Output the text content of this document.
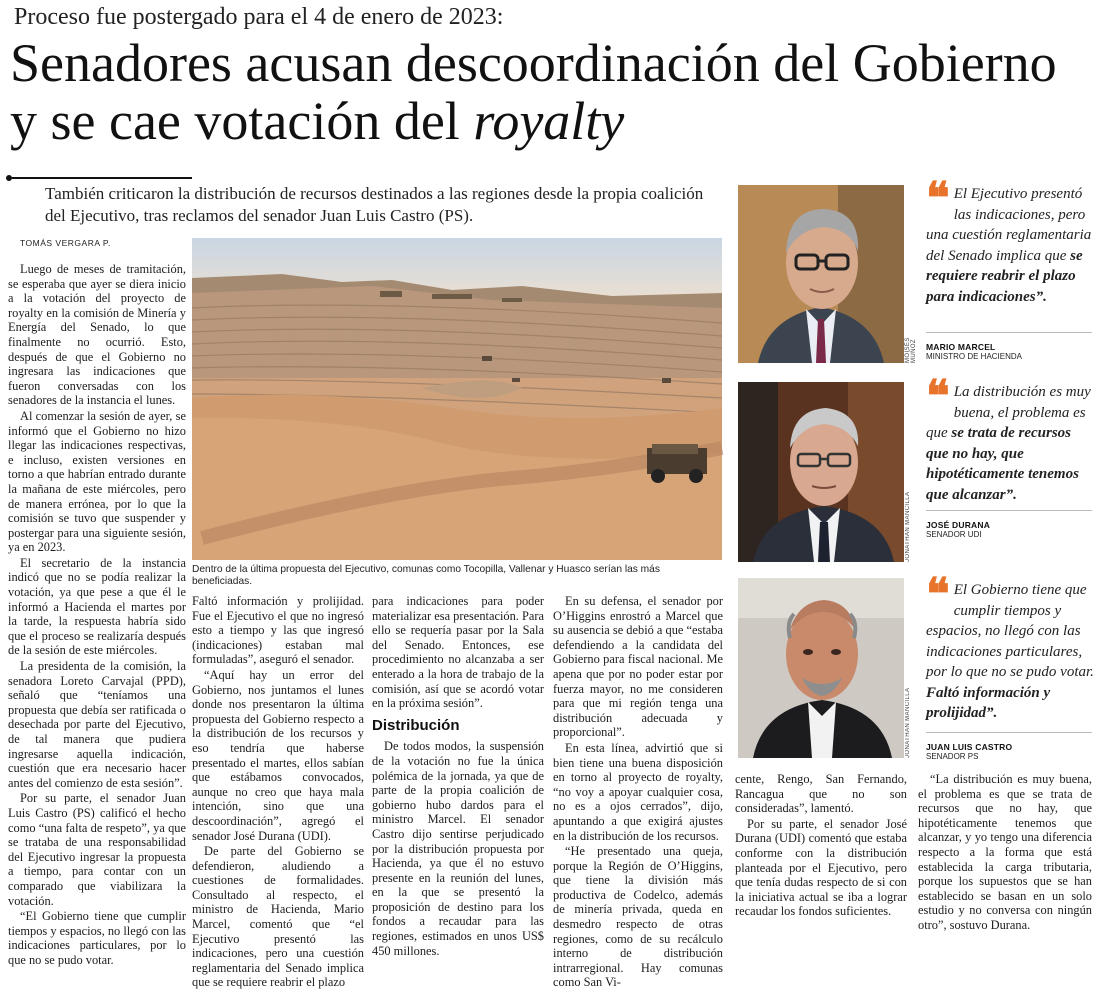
Proceso fue postergado para el 4 de enero de 2023:
Senadores acusan descoordinación del Gobierno y se cae votación del royalty
También criticaron la distribución de recursos destinados a las regiones desde la propia coalición del Ejecutivo, tras reclamos del senador Juan Luis Castro (PS).
TOMÁS VERGARA P.
Dentro de la última propuesta del Ejecutivo, comunas como Tocopilla, Vallenar y Huasco serían las más beneficiadas.

Luego de meses de tramitación, se esperaba que ayer se diera inicio a la votación del proyecto de royalty en la comisión de Minería y Energía del Senado, lo que finalmente no ocurrió. Esto, después de que el Gobierno no ingresara las indicaciones que fueron conversadas con los senadores de la instancia el lunes.

Al comenzar la sesión de ayer, se informó que el Gobierno no hizo llegar las indicaciones respectivas, e incluso, existen versiones en torno a que habrían entrado durante la mañana de este miércoles, pero de manera errónea, por lo que la comisión se tuvo que suspender y postergar para una siguiente sesión, ya en 2023.

El secretario de la instancia indicó que no se podía realizar la votación, ya que pese a que él le informó a Hacienda el martes por la tarde, la respuesta habría sido que el proceso se realizaría después de la sesión de este miércoles.

La presidenta de la comisión, la senadora Loreto Carvajal (PPD), señaló que “teníamos una propuesta que debía ser ratificada o desechada por parte del Ejecutivo, de tal manera que pudiera ingresarse aquella indicación, cuestión que era necesario hacer antes del comienzo de esta sesión”.

Por su parte, el senador Juan Luis Castro (PS) calificó el hecho como “una falta de respeto”, ya que se trataba de una responsabilidad del Ejecutivo ingresar la propuesta a tiempo, para contar con un comparado que viabilizara la votación.

“El Gobierno tiene que cumplir tiempos y espacios, no llegó con las indicaciones particulares, por lo que no se pudo votar.

Faltó información y prolijidad. Fue el Ejecutivo el que no ingresó esto a tiempo y las que ingresó (indicaciones) estaban mal formuladas”, aseguró el senador.

“Aquí hay un error del Gobierno, nos juntamos el lunes donde nos presentaron la última propuesta del Gobierno respecto a la distribución de los recursos y eso tendría que haberse presentado el martes, ellos sabían que estábamos convocados, aunque no creo que haya mala intención, sino que una descoordinación”, agregó el senador José Durana (UDI).

De parte del Gobierno se defendieron, aludiendo a cuestiones de formalidades. Consultado al respecto, el ministro de Hacienda, Mario Marcel, comentó que “el Ejecutivo presentó las indicaciones, pero una cuestión reglamentaria del Senado implica que se requiere reabrir el plazo

para indicaciones para poder materializar esa presentación. Para ello se requería pasar por la Sala del Senado. Entonces, ese procedimiento no alcanzaba a ser enterado a la hora de trabajo de la comisión, así que se acordó votar en la próxima sesión”.

Distribución

De todos modos, la suspensión de la votación no fue la única polémica de la jornada, ya que de parte de la propia coalición de gobierno hubo dardos para el ministro Marcel. El senador Castro dijo sentirse perjudicado por la distribución propuesta por Hacienda, ya que él no estuvo presente en la reunión del lunes, en la que se presentó la proposición de destino para los fondos a recaudar para las regiones, estimados en unos US$ 450 millones.

En su defensa, el senador por O’Higgins enrostró a Marcel que su ausencia se debió a que “estaba defendiendo a la candidata del Gobierno para fiscal nacional. Me apena que por no poder estar por fuerza mayor, no me consideren para que mi región tenga una distribución adecuada y proporcional”.

En esta línea, advirtió que si bien tiene una buena disposición en torno al proyecto de royalty, “no voy a apoyar cualquier cosa, no es a ojos cerrados”, dijo, apuntando a que exigirá ajustes en la distribución de los recursos.

“He presentado una queja, porque la Región de O’Higgins, que tiene la división más productiva de Codelco, además de minería privada, queda en desmedro respecto de otras regiones, como de su recálculo interno de distribución intrarregional. Hay comunas como San Vi-

cente, Rengo, San Fernando, Rancagua que no son consideradas”, lamentó.

Por su parte, el senador José Durana (UDI) comentó que estaba conforme con la distribución planteada por el Ejecutivo, pero que tenía dudas respecto de si con la iniciativa actual se iba a lograr recaudar los fondos suficientes.

“La distribución es muy buena, el problema es que se trata de recursos que no hay, que hipotéticamente tenemos que alcanzar, y yo tengo una diferencia respecto a la forma que está establecida la carga tributaria, porque los supuestos que se han establecido se basan en un solo estudio y no conversa con ningún otro”, sostuvo Durana.

MOISÉS MUÑOZ
❝ El Ejecutivo presentó las indicaciones, pero una cuestión reglamentaria del Senado implica que se requiere reabrir el plazo para indicaciones”.
MARIO MARCEL
MINISTRO DE HACIENDA
JONATHAN MANCILLA
❝ La distribución es muy buena, el problema es que se trata de recursos que no hay, que hipotéticamente tenemos que alcanzar”.
JOSÉ DURANA
SENADOR UDI
JONATHAN MANCILLA
❝ El Gobierno tiene que cumplir tiempos y espacios, no llegó con las indicaciones particulares, por lo que no se pudo votar. Faltó información y prolijidad”.
JUAN LUIS CASTRO
SENADOR PS
